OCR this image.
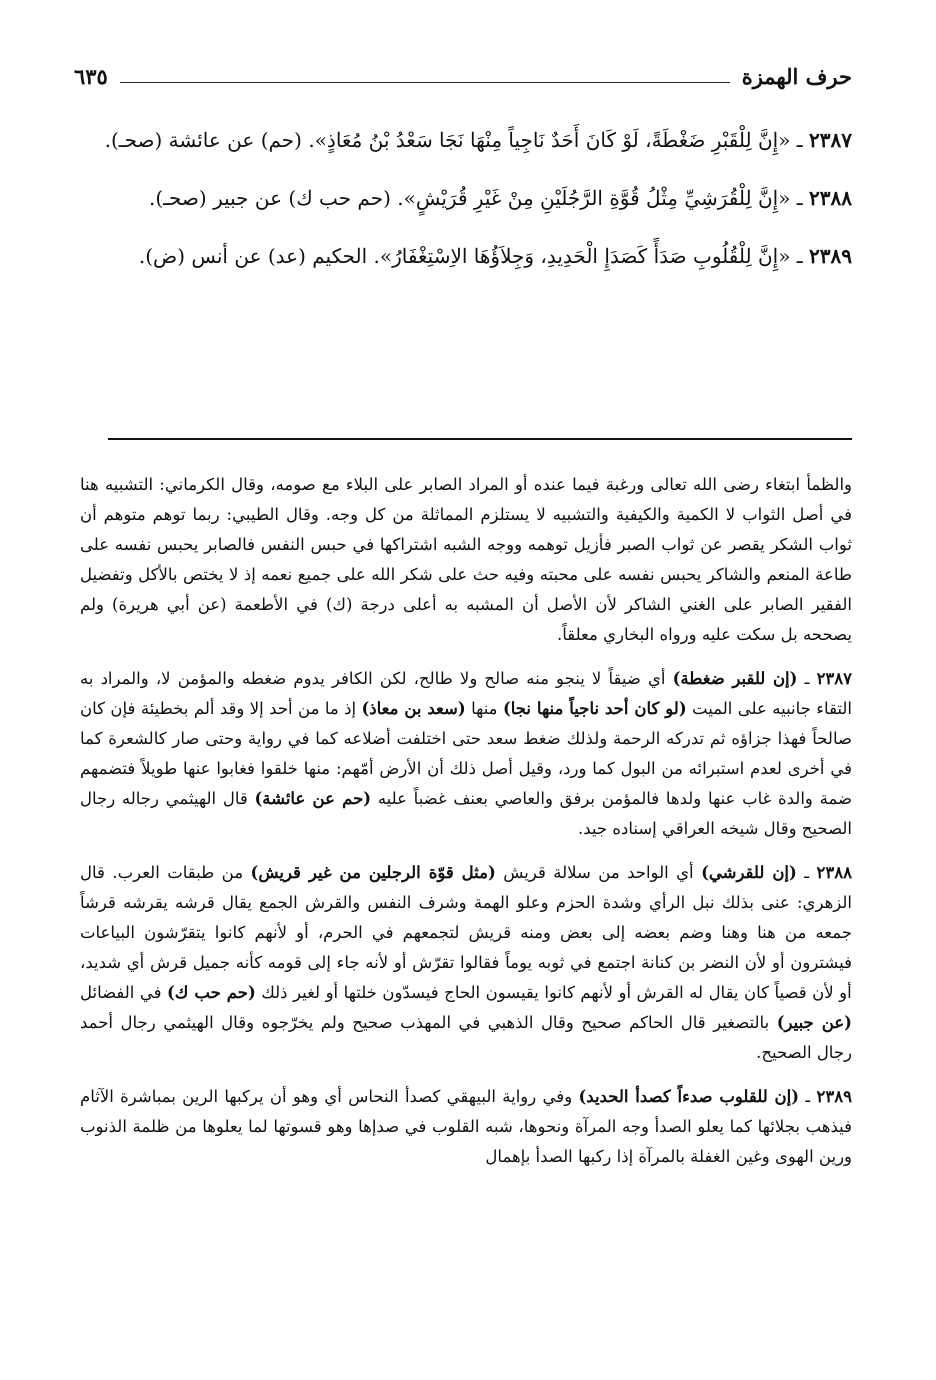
حرف الهمزة
٦٣٥

٢٣٨٧ ـ «إِنَّ لِلْقَبْرِ ضَغْطَةً، لَوْ كَانَ أَحَدٌ نَاجِياً مِنْهَا نَجَا سَعْدُ بْنُ مُعَاذٍ». (حم) عن عائشة (صحـ).

٢٣٨٨ ـ «إِنَّ لِلْقُرَشِيِّ مِثْلُ قُوَّةِ الرَّجُلَيْنِ مِنْ غَيْرِ قُرَيْشٍ». (حم حب ك) عن جبير (صحـ).

٢٣٨٩ ـ «إِنَّ لِلْقُلُوبِ صَدَأً كَصَدَإِ الْحَدِيدِ، وَجِلاَؤُهَا الاِسْتِغْفَارُ». الحكيم (عد) عن أنس (ض).

والظمأ ابتغاء رضى الله تعالى ورغبة فيما عنده أو المراد الصابر على البلاء مع صومه، وقال الكرماني: التشبيه هنا في أصل الثواب لا الكمية والكيفية والتشبيه لا يستلزم المماثلة من كل وجه. وقال الطيبي: ربما توهم متوهم أن ثواب الشكر يقصر عن ثواب الصبر فأزيل توهمه ووجه الشبه اشتراكها في حبس النفس فالصابر يحبس نفسه على طاعة المنعم والشاكر يحبس نفسه على محبته وفيه حث على شكر الله على جميع نعمه إذ لا يختص بالأكل وتفضيل الفقير الصابر على الغني الشاكر لأن الأصل أن المشبه به أعلى درجة (ك) في الأطعمة (عن أبي هريرة) ولم يصححه بل سكت عليه ورواه البخاري معلقاً.

٢٣٨٧ ـ (إن للقبر ضغطة) أي ضيقاً لا ينجو منه صالح ولا طالح، لكن الكافر يدوم ضغطه والمؤمن لا، والمراد به التقاء جانبيه على الميت (لو كان أحد ناجياً منها نجا) منها (سعد بن معاذ) إذ ما من أحد إلا وقد ألم بخطيئة فإن كان صالحاً فهذا جزاؤه ثم تدركه الرحمة ولذلك ضغط سعد حتى اختلفت أضلاعه كما في رواية وحتى صار كالشعرة كما في أخرى لعدم استبرائه من البول كما ورد، وقيل أصل ذلك أن الأرض أمّهم: منها خلقوا فغابوا عنها طويلاً فتضمهم ضمة والدة غاب عنها ولدها فالمؤمن برفق والعاصي بعنف غضباً عليه (حم عن عائشة) قال الهيثمي رجاله رجال الصحيح وقال شيخه العراقي إسناده جيد.

٢٣٨٨ ـ (إن للقرشي) أي الواحد من سلالة قريش (مثل قوّة الرجلين من غير قريش) من طبقات العرب. قال الزهري: عنى بذلك نبل الرأي وشدة الحزم وعلو الهمة وشرف النفس والقرش الجمع يقال قرشه يقرشه قرشاً جمعه من هنا وهنا وضم بعضه إلى بعض ومنه قريش لتجمعهم في الحرم، أو لأنهم كانوا يتقرّشون البياعات فيشترون أو لأن النضر بن كنانة اجتمع في ثوبه يوماً فقالوا تقرّش أو لأنه جاء إلى قومه كأنه جميل قرش أي شديد، أو لأن قصياً كان يقال له القرش أو لأنهم كانوا يقيسون الحاج فيسدّون خلتها أو لغير ذلك (حم حب ك) في الفضائل (عن جبير) بالتصغير قال الحاكم صحيح وقال الذهبي في المهذب صحيح ولم يخرّجوه وقال الهيثمي رجال أحمد رجال الصحيح.

٢٣٨٩ ـ (إن للقلوب صدءاً كصدأ الحديد) وفي رواية البيهقي كصدأ النحاس أي وهو أن يركبها الرين بمباشرة الآثام فيذهب بجلائها كما يعلو الصدأ وجه المرآة ونحوها، شبه القلوب في صدإها وهو قسوتها لما يعلوها من ظلمة الذنوب ورين الهوى وغين الغفلة بالمرآة إذا ركبها الصدأ بإهمال
